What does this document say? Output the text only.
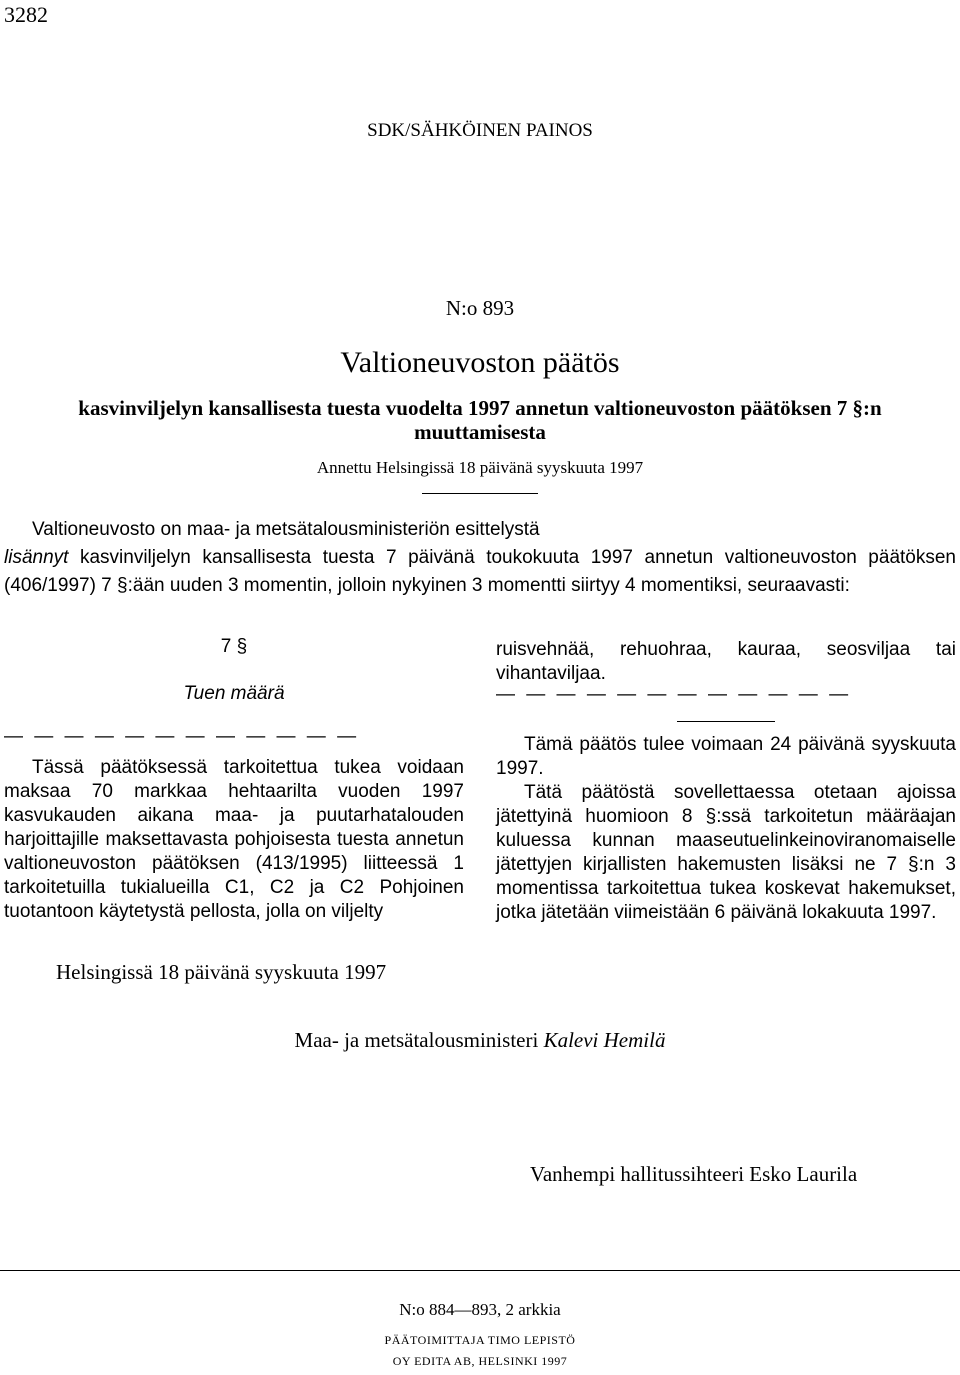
3282
SDK/SÄHKÖINEN PAINOS
N:o 893
Valtioneuvoston päätös
kasvinviljelyn kansallisesta tuesta vuodelta 1997 annetun valtioneuvoston päätöksen 7 §:n
muuttamisesta
Annettu Helsingissä 18 päivänä syyskuuta 1997
Valtioneuvosto on maa- ja metsätalousministeriön esittelystä
lisännyt kasvinviljelyn kansallisesta tuesta 7 päivänä toukokuuta 1997 annetun valtioneuvoston päätöksen (406/1997) 7 §:ään uuden 3 momentin, jolloin nykyinen 3 momentti siirtyy 4 momentiksi, seuraavasti:
7 §
Tuen määrä
— — — — — — — — — — — —
Tässä päätöksessä tarkoitettua tukea voidaan maksaa 70 markkaa hehtaarilta vuoden 1997 kasvukauden aikana maa- ja puutarhatalouden harjoittajille maksettavasta pohjoisesta tuesta annetun valtioneuvoston päätöksen (413/1995) liitteessä 1 tarkoitetuilla tukialueilla C1, C2 ja C2 Pohjoinen tuotantoon käytetystä pellosta, jolla on viljelty
ruisvehnää, rehuohraa, kauraa, seosviljaa tai vihantaviljaa.
— — — — — — — — — — — —
Tämä päätös tulee voimaan 24 päivänä syyskuuta 1997.
Tätä päätöstä sovellettaessa otetaan ajoissa jätettyinä huomioon 8 §:ssä tarkoitetun määräajan kuluessa kunnan maaseutuelinkeinoviranomaiselle jätettyjen kirjallisten hakemusten lisäksi ne 7 §:n 3 momentissa tarkoitettua tukea koskevat hakemukset, jotka jätetään viimeistään 6 päivänä lokakuuta 1997.
Helsingissä 18 päivänä syyskuuta 1997
Maa- ja metsätalousministeri Kalevi Hemilä
Vanhempi hallitussihteeri Esko Laurila
N:o 884—893, 2 arkkia
PÄÄTOIMITTAJA TIMO LEPISTÖ
OY EDITA AB, HELSINKI 1997
